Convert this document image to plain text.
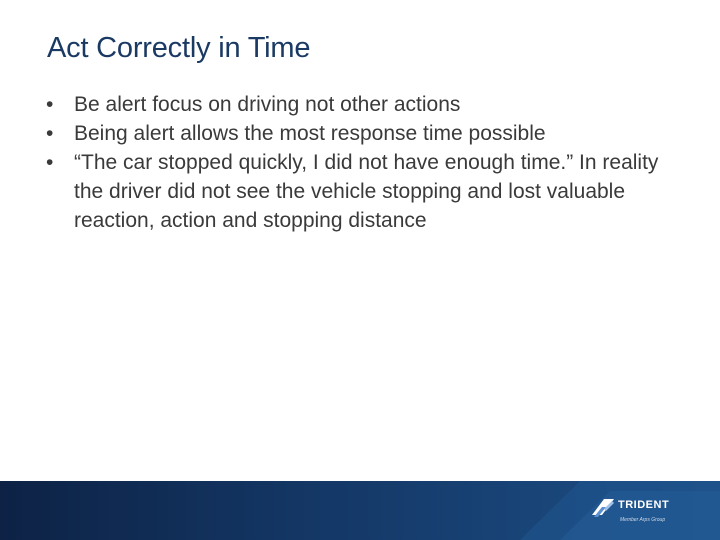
Act Correctly in Time
• Be alert focus on driving not other actions
• Being alert allows the most response time possible
• “The car stopped quickly, I did not have enough time.” In reality the driver did not see the vehicle stopping and lost valuable reaction, action and stopping distance
TRIDENT
Member Arps Group
